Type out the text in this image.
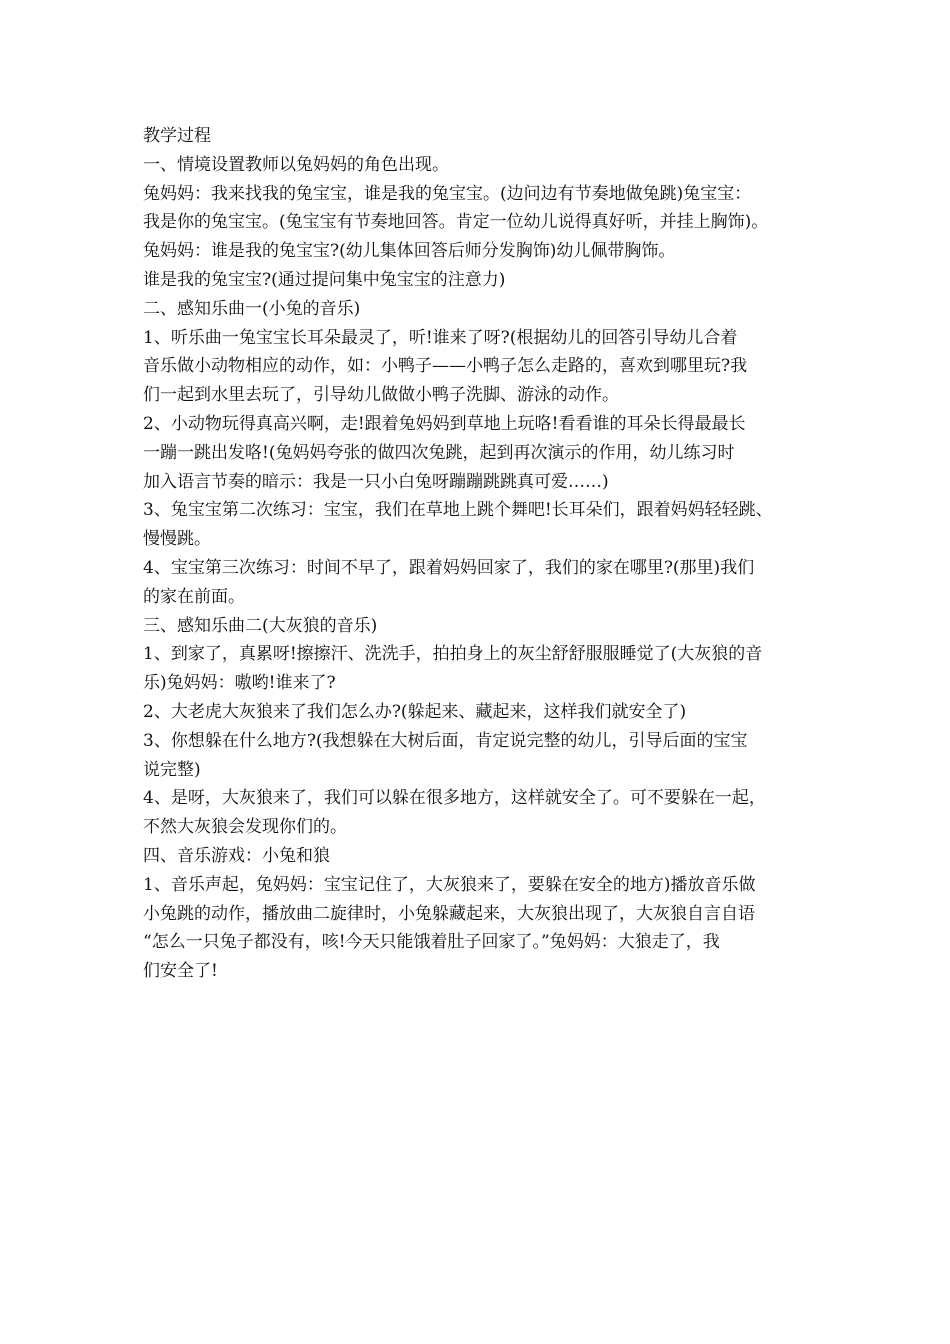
教学过程
一、情境设置教师以兔妈妈的角色出现。
兔妈妈：我来找我的兔宝宝，谁是我的兔宝宝。(边问边有节奏地做兔跳)兔宝宝：
我是你的兔宝宝。(兔宝宝有节奏地回答。肯定一位幼儿说得真好听，并挂上胸饰)。
兔妈妈：谁是我的兔宝宝?(幼儿集体回答后师分发胸饰)幼儿佩带胸饰。
谁是我的兔宝宝?(通过提问集中兔宝宝的注意力)
二、感知乐曲一(小兔的音乐)
1、听乐曲一兔宝宝长耳朵最灵了，听!谁来了呀?(根据幼儿的回答引导幼儿合着
音乐做小动物相应的动作，如：小鸭子——小鸭子怎么走路的，喜欢到哪里玩?我
们一起到水里去玩了，引导幼儿做做小鸭子洗脚、游泳的动作。
2、小动物玩得真高兴啊，走!跟着兔妈妈到草地上玩咯!看看谁的耳朵长得最最长
一蹦一跳出发咯!(兔妈妈夸张的做四次兔跳，起到再次演示的作用，幼儿练习时
加入语言节奏的暗示：我是一只小白兔呀蹦蹦跳跳真可爱……)
3、兔宝宝第二次练习：宝宝，我们在草地上跳个舞吧!长耳朵们，跟着妈妈轻轻跳、
慢慢跳。
4、宝宝第三次练习：时间不早了，跟着妈妈回家了，我们的家在哪里?(那里)我们
的家在前面。
三、感知乐曲二(大灰狼的音乐)
1、到家了，真累呀!擦擦汗、洗洗手，拍拍身上的灰尘舒舒服服睡觉了(大灰狼的音
乐)兔妈妈：嗷哟!谁来了?
2、大老虎大灰狼来了我们怎么办?(躲起来、藏起来，这样我们就安全了)
3、你想躲在什么地方?(我想躲在大树后面，肯定说完整的幼儿，引导后面的宝宝
说完整)
4、是呀，大灰狼来了，我们可以躲在很多地方，这样就安全了。可不要躲在一起，
不然大灰狼会发现你们的。
四、音乐游戏：小兔和狼
1、音乐声起，兔妈妈：宝宝记住了，大灰狼来了，要躲在安全的地方)播放音乐做
小兔跳的动作，播放曲二旋律时，小兔躲藏起来，大灰狼出现了，大灰狼自言自语
“怎么一只兔子都没有，咳!今天只能饿着肚子回家了。”兔妈妈：大狼走了，我
们安全了!
